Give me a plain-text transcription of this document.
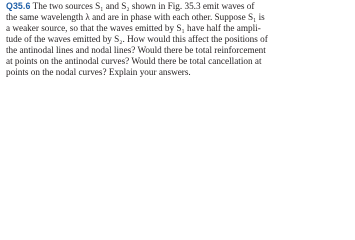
Q35.6 The two sources S₁ and S₂ shown in Fig. 35.3 emit waves of
the same wavelength λ and are in phase with each other. Suppose S₁ is
a weaker source, so that the waves emitted by S₁ have half the ampli-
tude of the waves emitted by S₂. How would this affect the positions of
the antinodal lines and nodal lines? Would there be total reinforcement
at points on the antinodal curves? Would there be total cancellation at
points on the nodal curves? Explain your answers.
